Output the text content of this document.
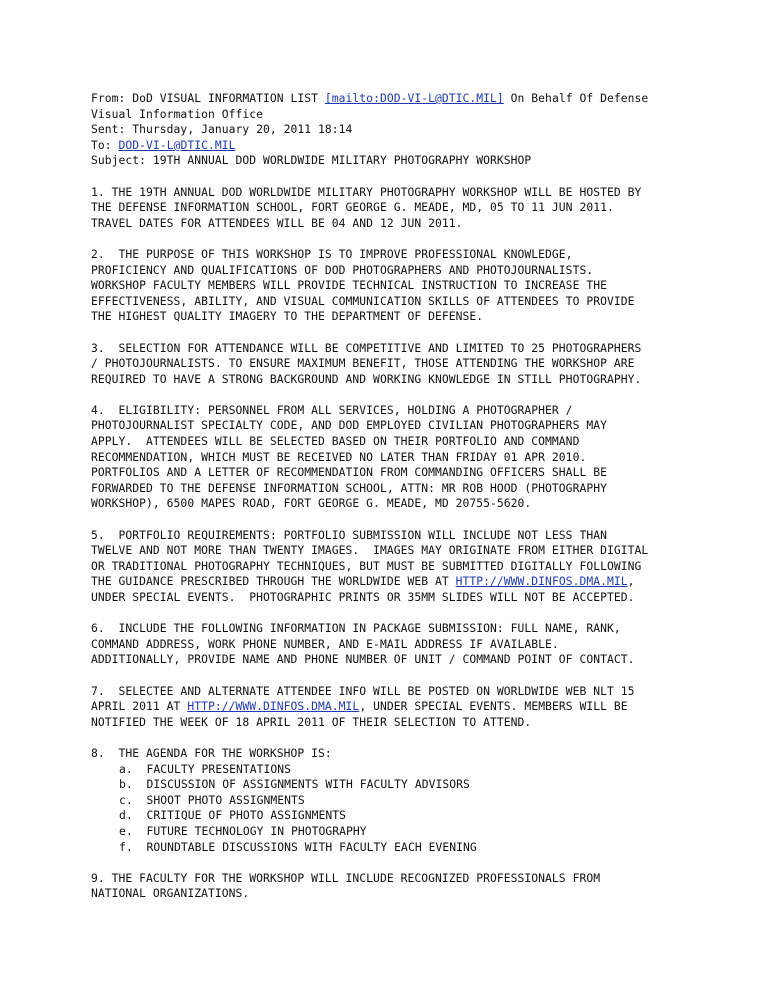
From: DoD VISUAL INFORMATION LIST [mailto:DOD-VI-L@DTIC.MIL] On Behalf Of Defense
Visual Information Office
Sent: Thursday, January 20, 2011 18:14
To: DOD-VI-L@DTIC.MIL
Subject: 19TH ANNUAL DOD WORLDWIDE MILITARY PHOTOGRAPHY WORKSHOP
1. THE 19TH ANNUAL DOD WORLDWIDE MILITARY PHOTOGRAPHY WORKSHOP WILL BE HOSTED BY
THE DEFENSE INFORMATION SCHOOL, FORT GEORGE G. MEADE, MD, 05 TO 11 JUN 2011.
TRAVEL DATES FOR ATTENDEES WILL BE 04 AND 12 JUN 2011.
2.  THE PURPOSE OF THIS WORKSHOP IS TO IMPROVE PROFESSIONAL KNOWLEDGE,
PROFICIENCY AND QUALIFICATIONS OF DOD PHOTOGRAPHERS AND PHOTOJOURNALISTS.
WORKSHOP FACULTY MEMBERS WILL PROVIDE TECHNICAL INSTRUCTION TO INCREASE THE
EFFECTIVENESS, ABILITY, AND VISUAL COMMUNICATION SKILLS OF ATTENDEES TO PROVIDE
THE HIGHEST QUALITY IMAGERY TO THE DEPARTMENT OF DEFENSE.
3.  SELECTION FOR ATTENDANCE WILL BE COMPETITIVE AND LIMITED TO 25 PHOTOGRAPHERS
/ PHOTOJOURNALISTS. TO ENSURE MAXIMUM BENEFIT, THOSE ATTENDING THE WORKSHOP ARE
REQUIRED TO HAVE A STRONG BACKGROUND AND WORKING KNOWLEDGE IN STILL PHOTOGRAPHY.
4.  ELIGIBILITY: PERSONNEL FROM ALL SERVICES, HOLDING A PHOTOGRAPHER /
PHOTOJOURNALIST SPECIALTY CODE, AND DOD EMPLOYED CIVILIAN PHOTOGRAPHERS MAY
APPLY.  ATTENDEES WILL BE SELECTED BASED ON THEIR PORTFOLIO AND COMMAND
RECOMMENDATION, WHICH MUST BE RECEIVED NO LATER THAN FRIDAY 01 APR 2010.
PORTFOLIOS AND A LETTER OF RECOMMENDATION FROM COMMANDING OFFICERS SHALL BE
FORWARDED TO THE DEFENSE INFORMATION SCHOOL, ATTN: MR ROB HOOD (PHOTOGRAPHY
WORKSHOP), 6500 MAPES ROAD, FORT GEORGE G. MEADE, MD 20755-5620.
5.  PORTFOLIO REQUIREMENTS: PORTFOLIO SUBMISSION WILL INCLUDE NOT LESS THAN
TWELVE AND NOT MORE THAN TWENTY IMAGES.  IMAGES MAY ORIGINATE FROM EITHER DIGITAL
OR TRADITIONAL PHOTOGRAPHY TECHNIQUES, BUT MUST BE SUBMITTED DIGITALLY FOLLOWING
THE GUIDANCE PRESCRIBED THROUGH THE WORLDWIDE WEB AT HTTP://WWW.DINFOS.DMA.MIL,
UNDER SPECIAL EVENTS.  PHOTOGRAPHIC PRINTS OR 35MM SLIDES WILL NOT BE ACCEPTED.
6.  INCLUDE THE FOLLOWING INFORMATION IN PACKAGE SUBMISSION: FULL NAME, RANK,
COMMAND ADDRESS, WORK PHONE NUMBER, AND E-MAIL ADDRESS IF AVAILABLE.
ADDITIONALLY, PROVIDE NAME AND PHONE NUMBER OF UNIT / COMMAND POINT OF CONTACT.
7.  SELECTEE AND ALTERNATE ATTENDEE INFO WILL BE POSTED ON WORLDWIDE WEB NLT 15
APRIL 2011 AT HTTP://WWW.DINFOS.DMA.MIL, UNDER SPECIAL EVENTS. MEMBERS WILL BE
NOTIFIED THE WEEK OF 18 APRIL 2011 OF THEIR SELECTION TO ATTEND.
8.  THE AGENDA FOR THE WORKSHOP IS:
a.  FACULTY PRESENTATIONS
b.  DISCUSSION OF ASSIGNMENTS WITH FACULTY ADVISORS
c.  SHOOT PHOTO ASSIGNMENTS
d.  CRITIQUE OF PHOTO ASSIGNMENTS
e.  FUTURE TECHNOLOGY IN PHOTOGRAPHY
f.  ROUNDTABLE DISCUSSIONS WITH FACULTY EACH EVENING
9. THE FACULTY FOR THE WORKSHOP WILL INCLUDE RECOGNIZED PROFESSIONALS FROM
NATIONAL ORGANIZATIONS.
